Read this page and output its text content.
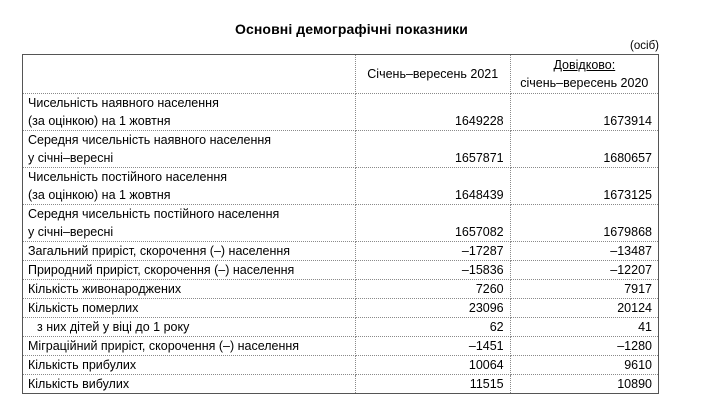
Основні демографічні показники
(осіб)
	Січень–вересень 2021	Довідково:
січень–вересень 2020

Чисельність наявного населення
(за оцінкою) на 1 жовтня	1649228	1673914

Середня чисельність наявного населення
у січні–вересні	1657871	1680657

Чисельність постійного населення
(за оцінкою) на 1 жовтня	1648439	1673125

Середня чисельність постійного населення
у січні–вересні	1657082	1679868

Загальний приріст, скорочення (–) населення	–17287	–13487

Природний приріст, скорочення (–) населення	–15836	–12207

Кількість живонароджених	7260	7917

Кількість померлих	23096	20124

з них дітей у віці до 1 року	62	41

Міграційний приріст, скорочення (–) населення	–1451	–1280

Кількість прибулих	10064	9610

Кількість вибулих	11515	10890
